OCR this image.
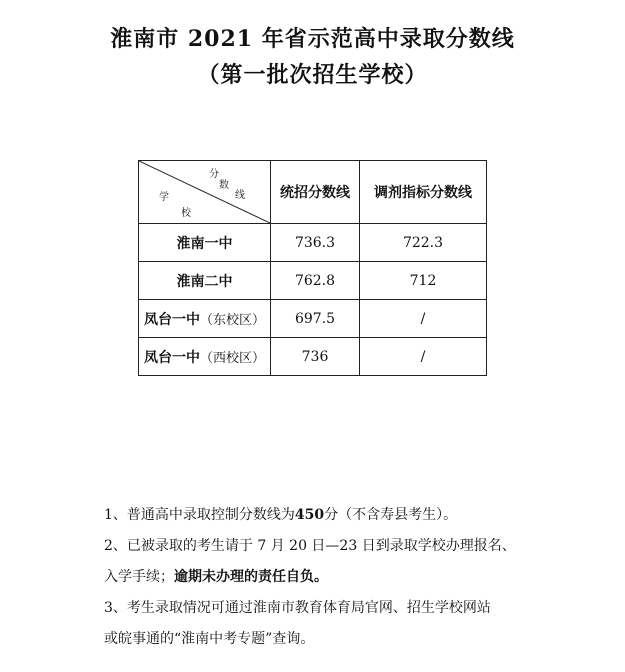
淮南市 2021 年省示范高中录取分数线
（第一批次招生学校）
分
数
线
学
校	统招分数线	调剂指标分数线
淮南一中	736.3	722.3
淮南二中	762.8	712
凤台一中（东校区）	697.5	/
凤台一中（西校区）	736	/

1、普通高中录取控制分数线为450分（不含寿县考生）。

2、已被录取的考生请于 7 月 20 日—23 日到录取学校办理报名、

入学手续；逾期未办理的责任自负。

3、考生录取情况可通过淮南市教育体育局官网、招生学校网站

或皖事通的“淮南中考专题”查询。
